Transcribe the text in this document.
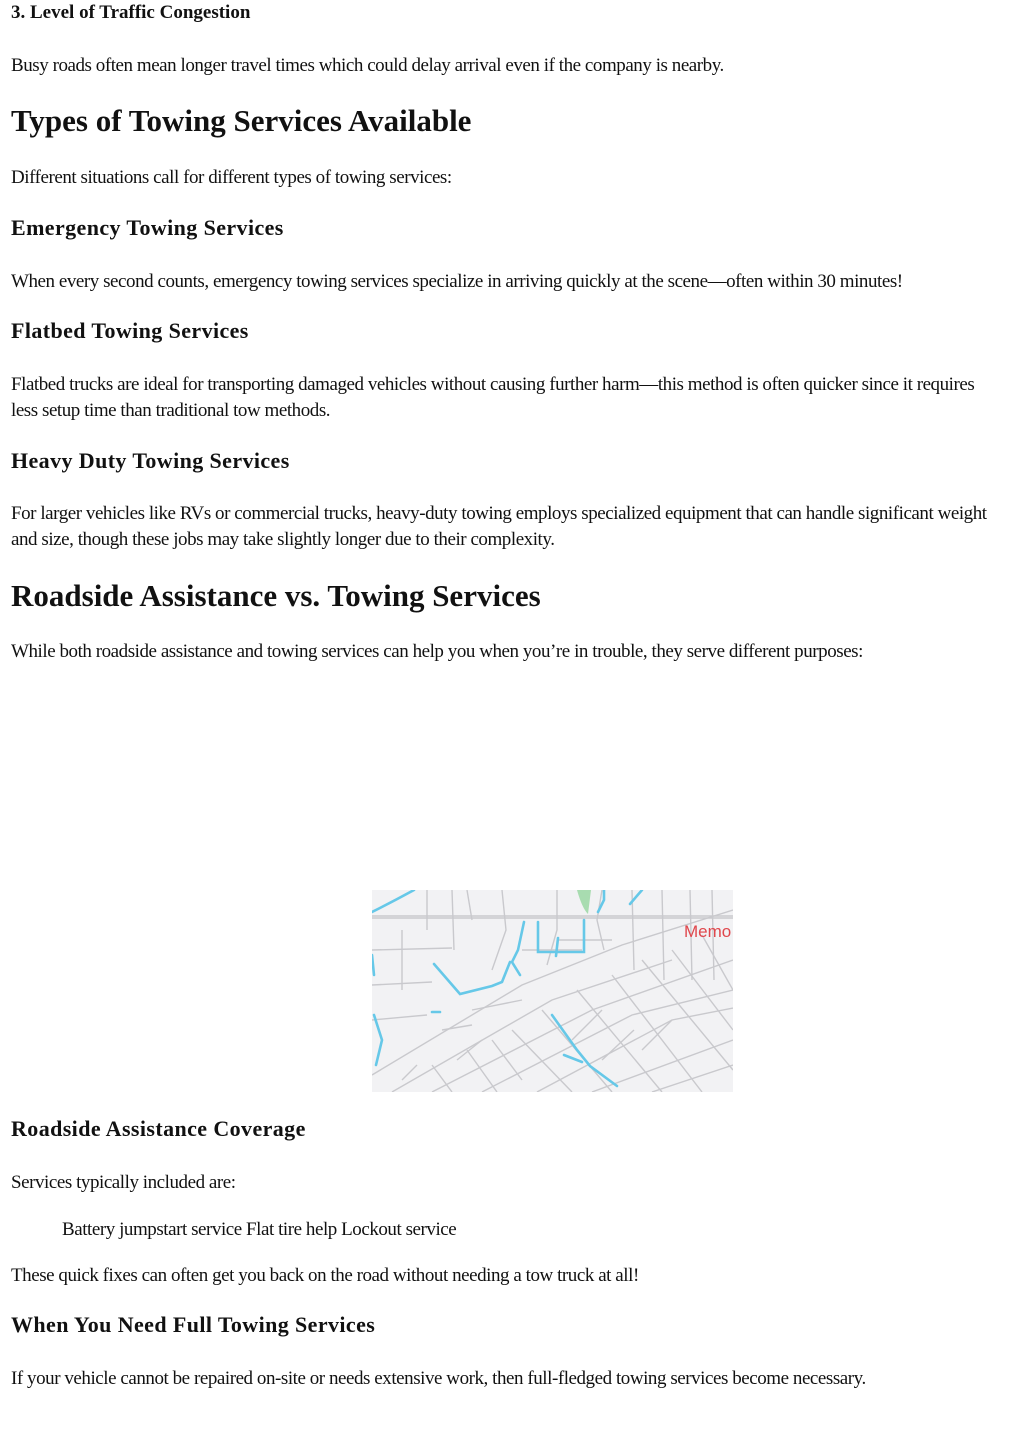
3. Level of Traffic Congestion

Busy roads often mean longer travel times which could delay arrival even if the company is nearby.

Types of Towing Services Available

Different situations call for different types of towing services:

Emergency Towing Services

When every second counts, emergency towing services specialize in arriving quickly at the scene—often within 30 minutes!

Flatbed Towing Services

Flatbed trucks are ideal for transporting damaged vehicles without causing further harm—this method is often quicker since it requires less setup time than traditional tow methods.

Heavy Duty Towing Services

For larger vehicles like RVs or commercial trucks, heavy-duty towing employs specialized equipment that can handle significant weight and size, though these jobs may take slightly longer due to their complexity.

Roadside Assistance vs. Towing Services

While both roadside assistance and towing services can help you when you’re in trouble, they serve different purposes:

Memo
Roadside Assistance Coverage

Services typically included are:

Battery jumpstart service Flat tire help Lockout service

These quick fixes can often get you back on the road without needing a tow truck at all!

When You Need Full Towing Services

If your vehicle cannot be repaired on-site or needs extensive work, then full-fledged towing services become necessary.
